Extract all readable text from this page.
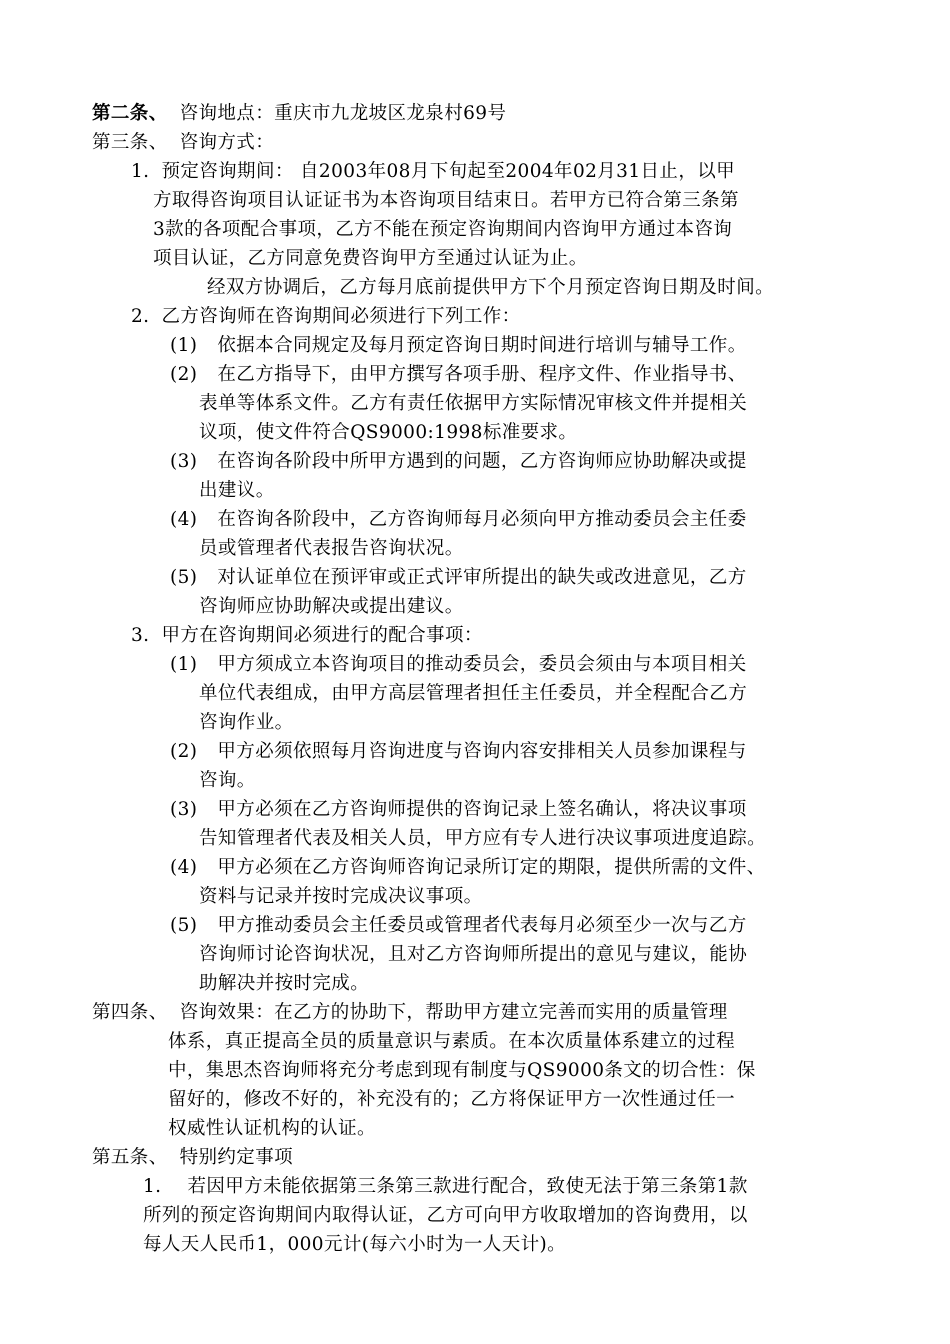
第二条、 咨询地点：重庆市九龙坡区龙泉村69号
第三条、 咨询方式：
1. 预定咨询期间： 自2003年08月下旬起至2004年02月31日止，以甲
方取得咨询项目认证证书为本咨询项目结束日。若甲方已符合第三条第
3款的各项配合事项，乙方不能在预定咨询期间内咨询甲方通过本咨询
项目认证，乙方同意免费咨询甲方至通过认证为止。
经双方协调后，乙方每月底前提供甲方下个月预定咨询日期及时间。
2. 乙方咨询师在咨询期间必须进行下列工作：
(1) 依据本合同规定及每月预定咨询日期时间进行培训与辅导工作。
(2) 在乙方指导下，由甲方撰写各项手册、程序文件、作业指导书、
表单等体系文件。乙方有责任依据甲方实际情况审核文件并提相关
议项，使文件符合QS9000:1998标准要求。
(3) 在咨询各阶段中所甲方遇到的问题，乙方咨询师应协助解决或提
出建议。
(4) 在咨询各阶段中，乙方咨询师每月必须向甲方推动委员会主任委
员或管理者代表报告咨询状况。
(5) 对认证单位在预评审或正式评审所提出的缺失或改进意见，乙方
咨询师应协助解决或提出建议。
3. 甲方在咨询期间必须进行的配合事项：
(1) 甲方须成立本咨询项目的推动委员会，委员会须由与本项目相关
单位代表组成，由甲方高层管理者担任主任委员，并全程配合乙方
咨询作业。
(2) 甲方必须依照每月咨询进度与咨询内容安排相关人员参加课程与
咨询。
(3) 甲方必须在乙方咨询师提供的咨询记录上签名确认，将决议事项
告知管理者代表及相关人员，甲方应有专人进行决议事项进度追踪。
(4) 甲方必须在乙方咨询师咨询记录所订定的期限，提供所需的文件、
资料与记录并按时完成决议事项。
(5) 甲方推动委员会主任委员或管理者代表每月必须至少一次与乙方
咨询师讨论咨询状况，且对乙方咨询师所提出的意见与建议，能协
助解决并按时完成。
第四条、 咨询效果：在乙方的协助下，帮助甲方建立完善而实用的质量管理
体系，真正提高全员的质量意识与素质。在本次质量体系建立的过程
中，集思杰咨询师将充分考虑到现有制度与QS9000条文的切合性：保
留好的，修改不好的，补充没有的；乙方将保证甲方一次性通过任一
权威性认证机构的认证。
第五条、 特别约定事项
1. 若因甲方未能依据第三条第三款进行配合，致使无法于第三条第1款
所列的预定咨询期间内取得认证，乙方可向甲方收取增加的咨询费用，以
每人天人民币1，000元计(每六小时为一人天计)。
